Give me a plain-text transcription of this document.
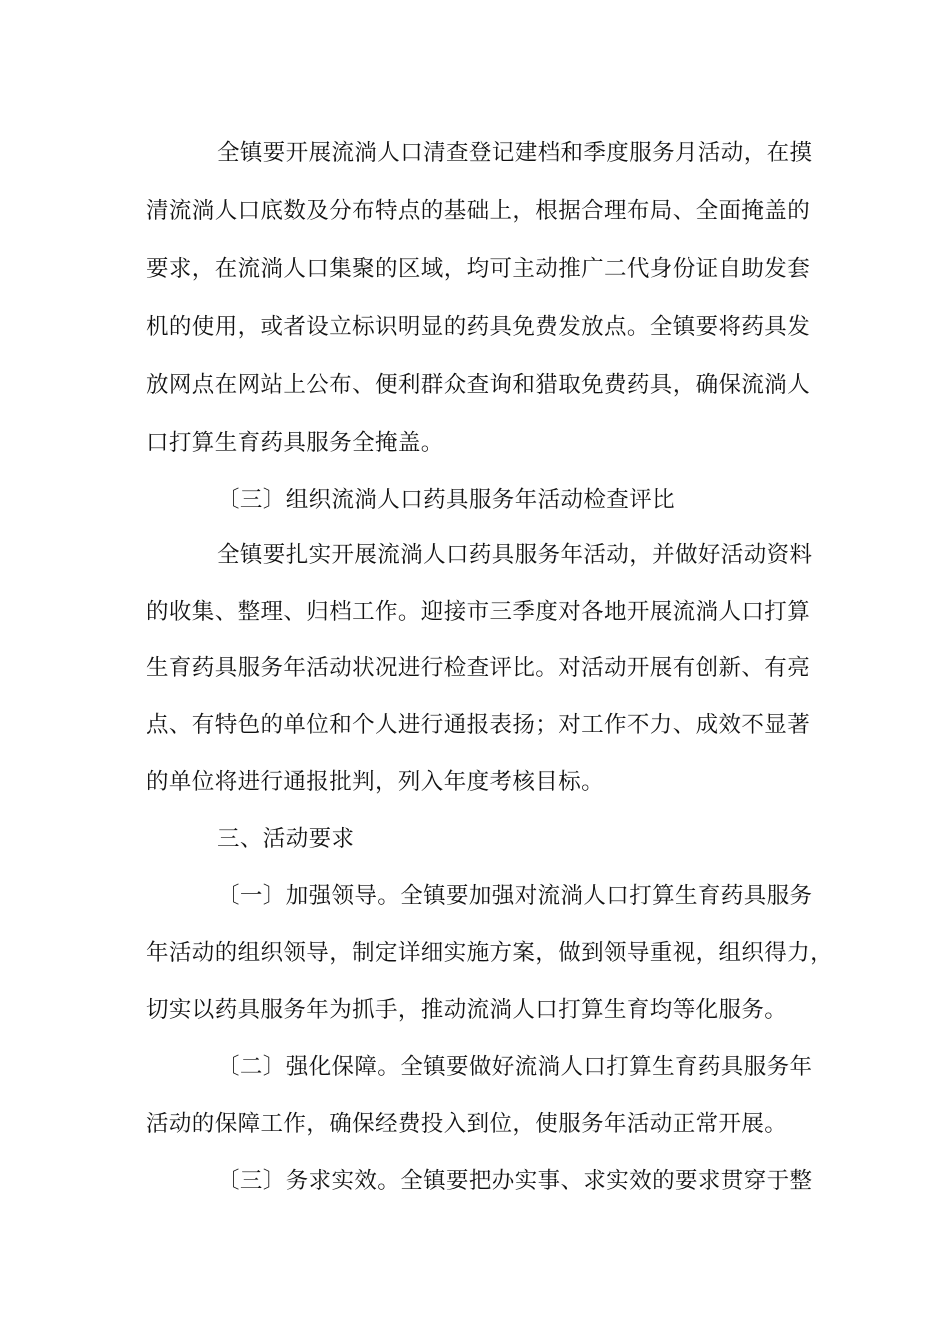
全镇要开展流淌人口清查登记建档和季度服务月活动，在摸
清流淌人口底数及分布特点的基础上，根据合理布局、全面掩盖的
要求，在流淌人口集聚的区域，均可主动推广二代身份证自助发套
机的使用，或者设立标识明显的药具免费发放点。全镇要将药具发
放网点在网站上公布、便利群众查询和猎取免费药具，确保流淌人
口打算生育药具服务全掩盖。
〔三〕组织流淌人口药具服务年活动检查评比
全镇要扎实开展流淌人口药具服务年活动，并做好活动资料
的收集、整理、归档工作。迎接市三季度对各地开展流淌人口打算
生育药具服务年活动状况进行检查评比。对活动开展有创新、有亮
点、有特色的单位和个人进行通报表扬；对工作不力、成效不显著
的单位将进行通报批判，列入年度考核目标。
三、活动要求
〔一〕加强领导。全镇要加强对流淌人口打算生育药具服务
年活动的组织领导，制定详细实施方案，做到领导重视，组织得力，
切实以药具服务年为抓手，推动流淌人口打算生育均等化服务。
〔二〕强化保障。全镇要做好流淌人口打算生育药具服务年
活动的保障工作，确保经费投入到位，使服务年活动正常开展。
〔三〕务求实效。全镇要把办实事、求实效的要求贯穿于整
